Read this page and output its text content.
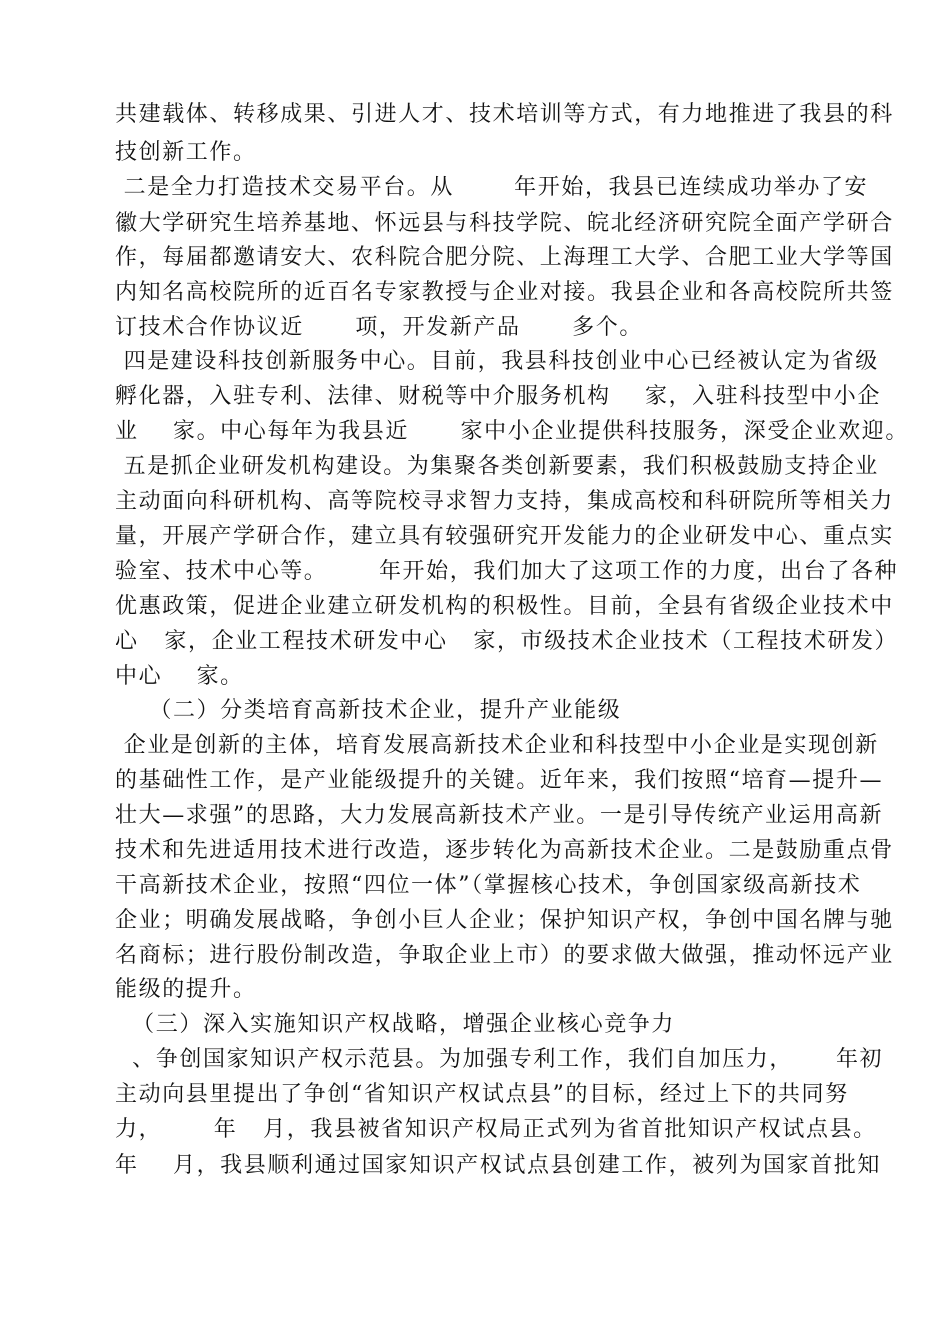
共建载体、转移成果、引进人才、技术培训等方式，有力地推进了我县的科
技创新工作。
二是全力打造技术交易平台。从       年开始，我县已连续成功举办了安
徽大学研究生培养基地、怀远县与科技学院、皖北经济研究院全面产学研合
作，每届都邀请安大、农科院合肥分院、上海理工大学、合肥工业大学等国
内知名高校院所的近百名专家教授与企业对接。我县企业和各高校院所共签
订技术合作协议近      项，开发新产品      多个。
四是建设科技创新服务中心。目前，我县科技创业中心已经被认定为省级
孵化器，入驻专利、法律、财税等中介服务机构    家，入驻科技型中小企
业    家。中心每年为我县近      家中小企业提供科技服务，深受企业欢迎。
五是抓企业研发机构建设。为集聚各类创新要素，我们积极鼓励支持企业
主动面向科研机构、高等院校寻求智力支持，集成高校和科研院所等相关力
量，开展产学研合作，建立具有较强研究开发能力的企业研发中心、重点实
验室、技术中心等。      年开始，我们加大了这项工作的力度，出台了各种
优惠政策，促进企业建立研发机构的积极性。目前，全县有省级企业技术中
心   家，企业工程技术研发中心   家，市级技术企业技术（工程技术研发）
中心    家。
（二）分类培育高新技术企业，提升产业能级
企业是创新的主体，培育发展高新技术企业和科技型中小企业是实现创新
的基础性工作，是产业能级提升的关键。近年来，我们按照“培育—提升—
壮大—求强”的思路，大力发展高新技术产业。一是引导传统产业运用高新
技术和先进适用技术进行改造，逐步转化为高新技术企业。二是鼓励重点骨
干高新技术企业，按照“四位一体”（掌握核心技术，争创国家级高新技术
企业；明确发展战略，争创小巨人企业；保护知识产权，争创中国名牌与驰
名商标；进行股份制改造，争取企业上市）的要求做大做强，推动怀远产业
能级的提升。
（三）深入实施知识产权战略，增强企业核心竞争力
、争创国家知识产权示范县。为加强专利工作，我们自加压力，     年初
主动向县里提出了争创“省知识产权试点县”的目标，经过上下的共同努
力，      年   月，我县被省知识产权局正式列为省首批知识产权试点县。
年    月，我县顺利通过国家知识产权试点县创建工作，被列为国家首批知
